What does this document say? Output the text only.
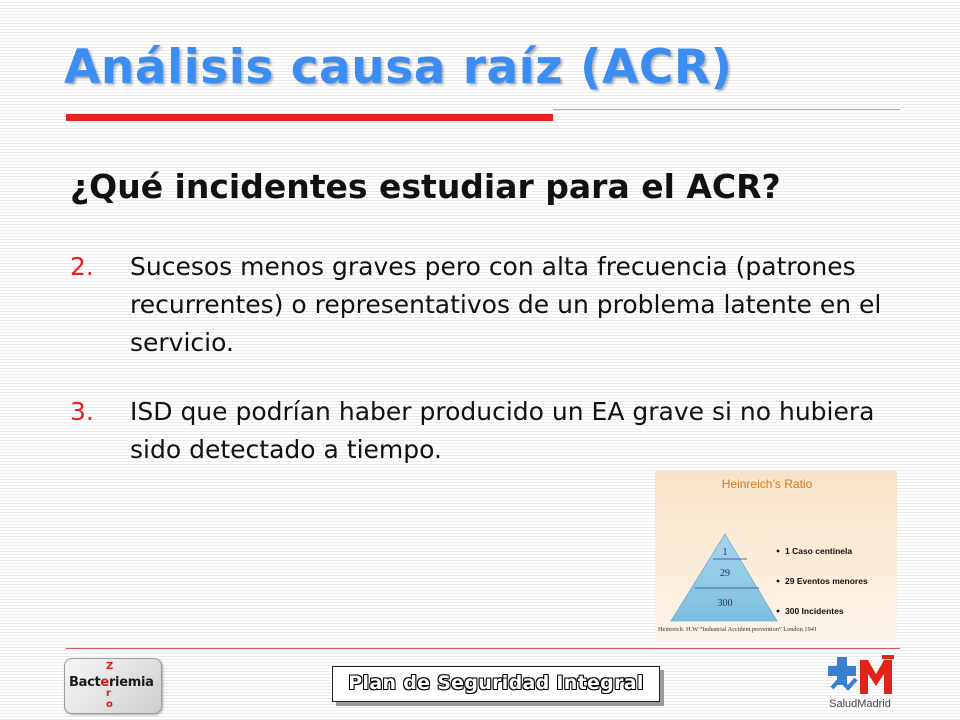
Análisis causa raíz (ACR)
¿Qué incidentes estudiar para el ACR?
2. Sucesos menos graves pero con alta frecuencia (patrones recurrentes) o representativos de un problema latente en el servicio.
3. ISD que podrían haber producido un EA grave si no hubiera sido detectado a tiempo.
Heinreich’s Ratio
1
29
300
1 Caso centinela
29 Eventos menores
300 Incidentes
Heinreich. H.W “Industrial Accident prevention” London 1941
Z
Bacteriemia
r
o
Plan de Seguridad Integral
SaludMadrid
